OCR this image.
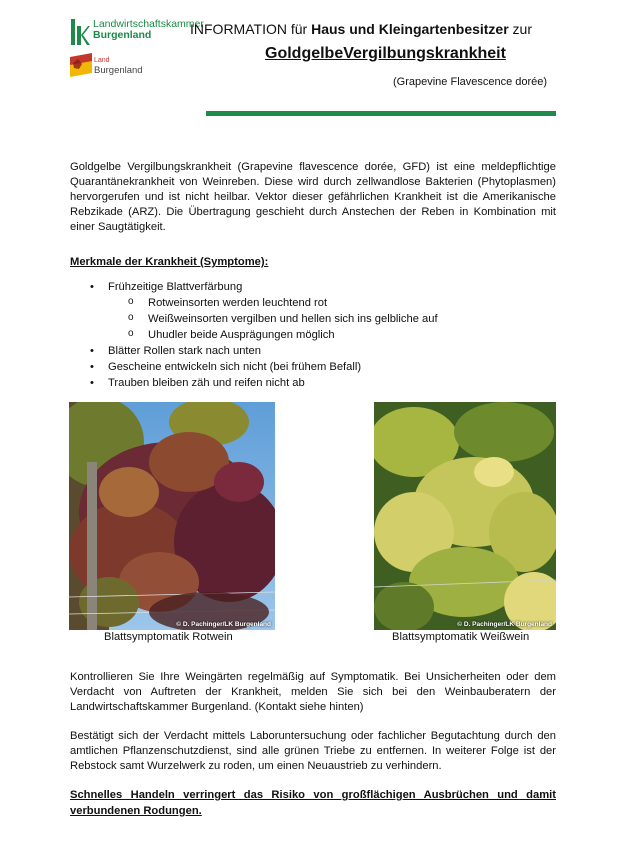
Landwirtschaftskammer
Burgenland
Land
Burgenland
INFORMATION für Haus und Kleingartenbesitzer zur
GoldgelbeVergilbungskrankheit
(Grapevine Flavescence dorée)
Goldgelbe Vergilbungskrankheit (Grapevine flavescence dorée, GFD) ist eine meldepflichtige Quarantänekrankheit von Weinreben. Diese wird durch zellwandlose Bakterien (Phytoplasmen) hervorgerufen und ist nicht heilbar. Vektor dieser gefährlichen Krankheit ist die Amerikanische Rebzikade (ARZ). Die Übertragung geschieht durch Anstechen der Reben in Kombination mit einer Saugtätigkeit.
Merkmale der Krankheit (Symptome):
• Frühzeitige Blattverfärbung
o Rotweinsorten werden leuchtend rot
o Weißweinsorten vergilben und hellen sich ins gelbliche auf
o Uhudler beide Ausprägungen möglich
• Blätter Rollen stark nach unten
• Gescheine entwickeln sich nicht (bei frühem Befall)
• Trauben bleiben zäh und reifen nicht ab
© D. Pachinger/LK Burgenland
Blattsymptomatik Rotwein
© D. Pachinger/LK Burgenland
Blattsymptomatik Weißwein
Kontrollieren Sie Ihre Weingärten regelmäßig auf Symptomatik. Bei Unsicherheiten oder dem Verdacht von Auftreten der Krankheit, melden Sie sich bei den Weinbauberatern der Landwirtschaftskammer Burgenland. (Kontakt siehe hinten)
Bestätigt sich der Verdacht mittels Laboruntersuchung oder fachlicher Begutachtung durch den amtlichen Pflanzenschutzdienst, sind alle grünen Triebe zu entfernen. In weiterer Folge ist der Rebstock samt Wurzelwerk zu roden, um einen Neuaustrieb zu verhindern.
Schnelles Handeln verringert das Risiko von großflächigen Ausbrüchen und damit verbundenen Rodungen.
